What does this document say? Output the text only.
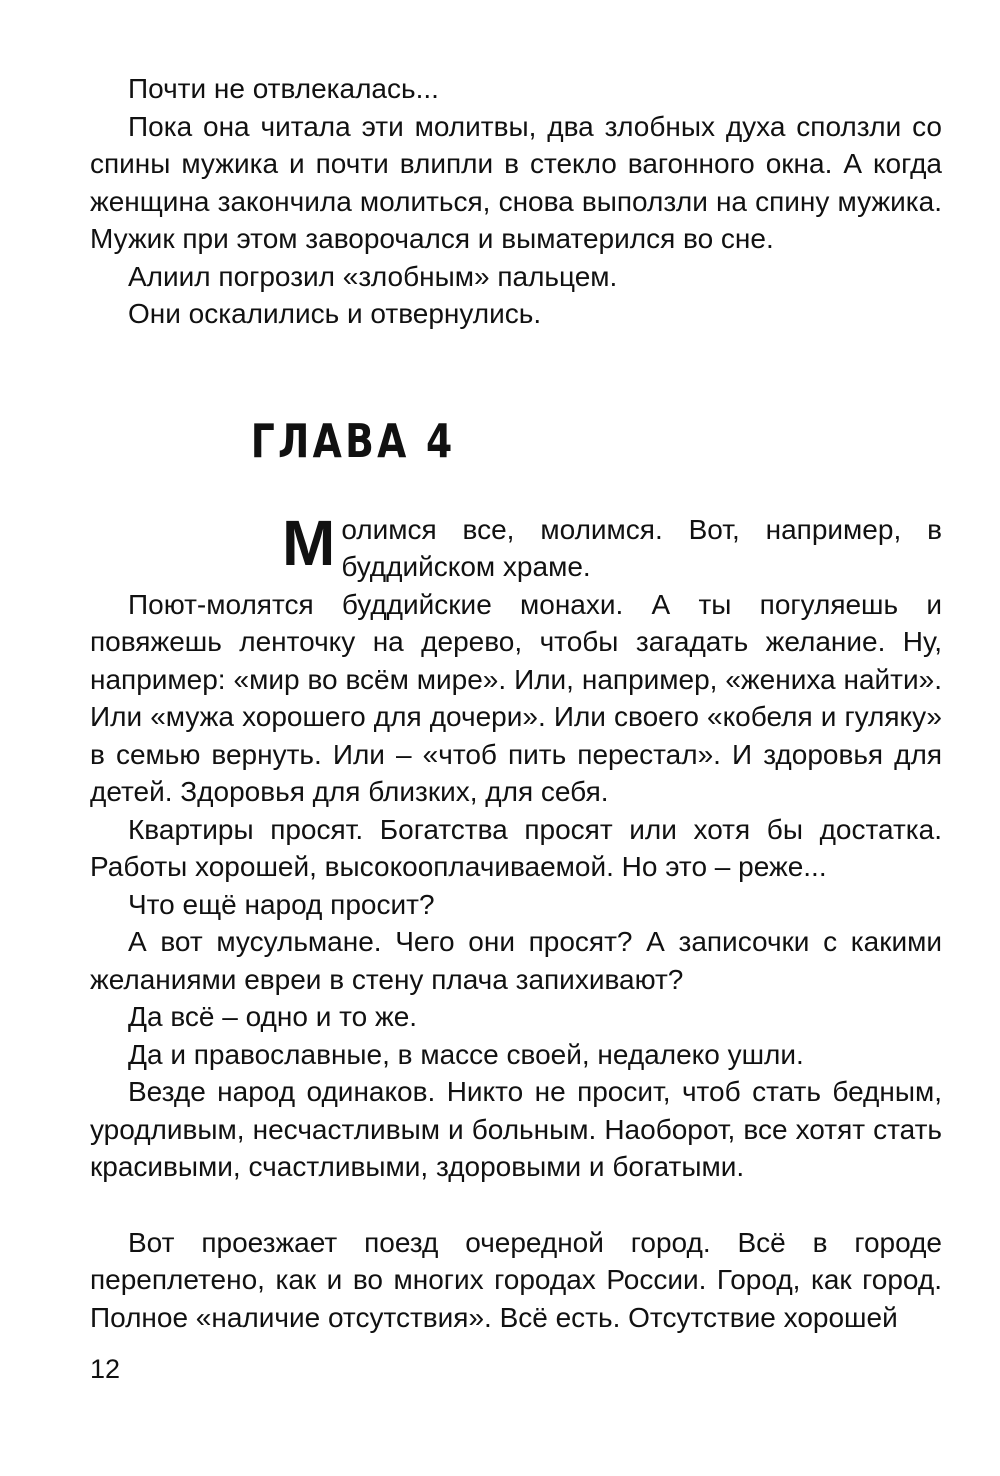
Почти не отвлекалась...

Пока она читала эти молитвы, два злобных духа сползли со спины мужика и почти влипли в стекло вагонного окна. А когда женщина закончила молиться, снова выползли на спину мужика. Мужик при этом заворочался и выматерился во сне.

Алиил погрозил «злобным» пальцем.

Они оскалились и отвернулись.

ГЛАВА 4
Молимся все, молимся. Вот, например, в буддийском храме.

Поют-молятся буддийские монахи. А ты погуляешь и повяжешь ленточку на дерево, чтобы загадать желание. Ну, например: «мир во всём мире». Или, например, «жениха найти». Или «мужа хорошего для дочери». Или своего «кобеля и гуляку» в семью вернуть. Или – «чтоб пить перестал». И здоровья для детей. Здоровья для близких, для себя.

Квартиры просят. Богатства просят или хотя бы достатка. Работы хорошей, высокооплачиваемой. Но это – реже...

Что ещё народ просит?

А вот мусульмане. Чего они просят? А записочки с какими желаниями евреи в стену плача запихивают?

Да всё – одно и то же.

Да и православные, в массе своей, недалеко ушли.

Везде народ одинаков. Никто не просит, чтоб стать бедным, уродливым, несчастливым и больным. Наоборот, все хотят стать красивыми, счастливыми, здоровыми и богатыми.

Вот проезжает поезд очередной город. Всё в городе переплетено, как и во многих городах России. Город, как город. Полное «наличие отсутствия». Всё есть. Отсутствие хорошей

12
